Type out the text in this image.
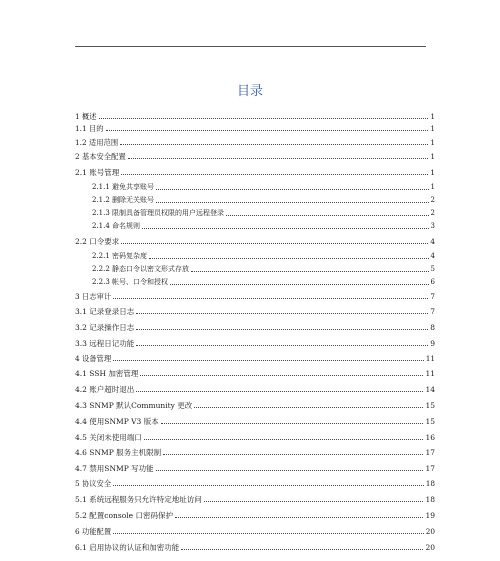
目录
1 概述	1
1.1 目的	1
1.2 适用范围	1
2 基本安全配置	1
2.1 账号管理	1
2.1.1 避免共享账号	1
2.1.2 删除无关账号	2
2.1.3 限制具备管理员权限的用户远程登录	2
2.1.4 命名规则	3
2.2 口令要求	4
2.2.1 密码复杂度	4
2.2.2 静态口令以密文形式存放	5
2.2.3 帐号、口令和授权	6
3 日志审计	7
3.1 记录登录日志	7
3.2 记录操作日志	8
3.3 远程日记功能	9
4 设备管理	11
4.1 SSH 加密管理	11
4.2 账户超时退出	14
4.3 SNMP 默认Community 更改	15
4.4 使用SNMP V3 版本	15
4.5 关闭未使用端口	16
4.6 SNMP 服务主机限制	17
4.7 禁用SNMP 写功能	17
5 协议安全	18
5.1 系统远程服务只允许特定地址访问	18
5.2 配置console 口密码保护	19
6 功能配置	20
6.1 启用协议的认证和加密功能	20
